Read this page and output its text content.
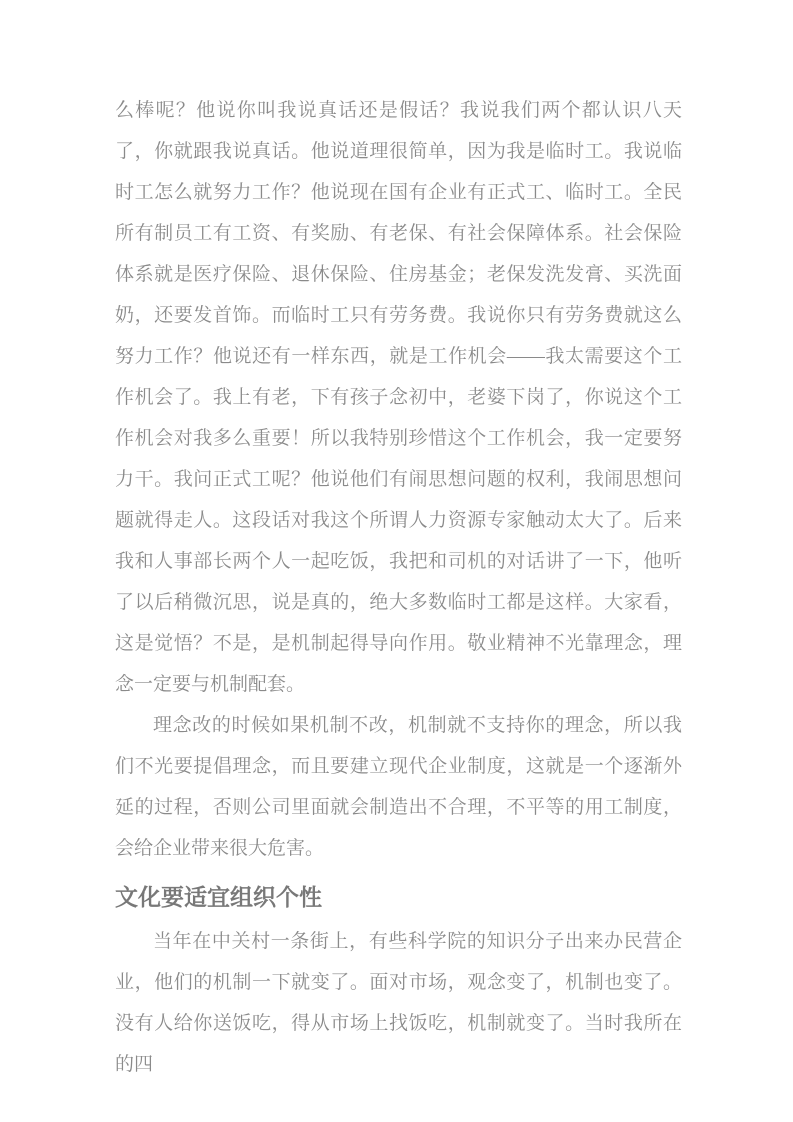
么棒呢？他说你叫我说真话还是假话？我说我们两个都认识八天了，你就跟我说真话。他说道理很简单，因为我是临时工。我说临时工怎么就努力工作？他说现在国有企业有正式工、临时工。全民所有制员工有工资、有奖励、有老保、有社会保障体系。社会保险体系就是医疗保险、退休保险、住房基金；老保发洗发膏、买洗面奶，还要发首饰。而临时工只有劳务费。我说你只有劳务费就这么努力工作？他说还有一样东西，就是工作机会——我太需要这个工作机会了。我上有老，下有孩子念初中，老婆下岗了，你说这个工作机会对我多么重要！所以我特别珍惜这个工作机会，我一定要努力干。我问正式工呢？他说他们有闹思想问题的权利，我闹思想问题就得走人。这段话对我这个所谓人力资源专家触动太大了。后来我和人事部长两个人一起吃饭，我把和司机的对话讲了一下，他听了以后稍微沉思，说是真的，绝大多数临时工都是这样。大家看，这是觉悟？不是，是机制起得导向作用。敬业精神不光靠理念，理念一定要与机制配套。

理念改的时候如果机制不改，机制就不支持你的理念，所以我们不光要提倡理念，而且要建立现代企业制度，这就是一个逐渐外延的过程，否则公司里面就会制造出不合理，不平等的用工制度，会给企业带来很大危害。

文化要适宜组织个性

当年在中关村一条街上，有些科学院的知识分子出来办民营企业，他们的机制一下就变了。面对市场，观念变了，机制也变了。没有人给你送饭吃，得从市场上找饭吃，机制就变了。当时我所在的四
